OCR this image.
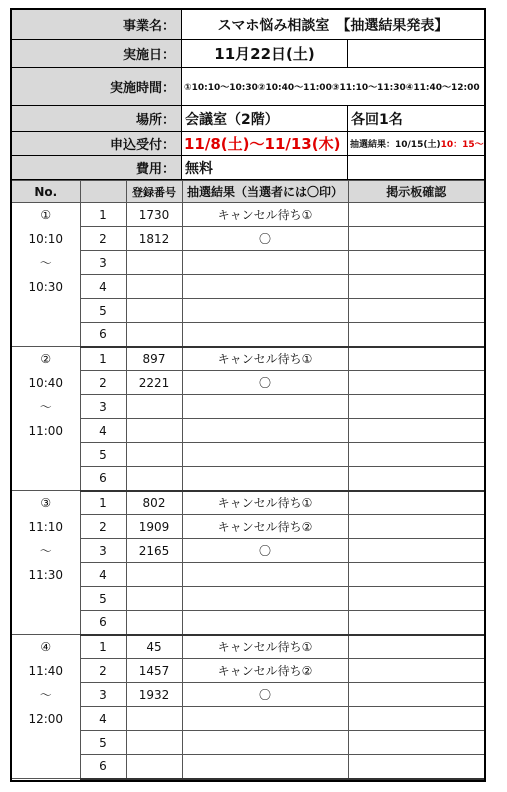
事業名：	スマホ悩み相談室　【抽選結果発表】
実施日：	11月22日(土)
実施時間：	①10:10〜10:30②10:40〜11:00③11:10〜11:30④11:40〜12:00
場所： 会議室（2階）	各回1名
申込受付： 11/8(土)〜11/13(木)	抽選結果：10/15(土) 10：15〜
費用： 無料
No.		登録番号	抽選結果（当選者には〇印）	掲示板確認

①
10:10
〜
10:30	1	1730	キャンセル待ち①	
	2	1812	〇	
	3			
	4			
	5			
	6			

②
10:40
〜
11:00	1	897	キャンセル待ち①	
	2	2221	〇	
	3			
	4			
	5			
	6			

③
11:10
〜
11:30	1	802	キャンセル待ち①	
	2	1909	キャンセル待ち②	
	3	2165	〇	
	4			
	5			
	6			

④
11:40
〜
12:00	1	45	キャンセル待ち①	
	2	1457	キャンセル待ち②	
	3	1932	〇	
	4			
	5			
	6			
